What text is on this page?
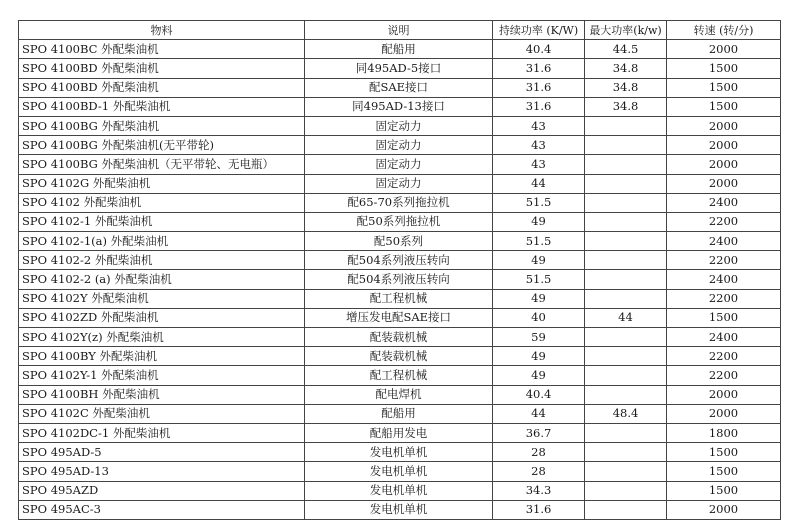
物料	说明	持续功率 (K/W)	最大功率(k/w)	转速 (转/分)
SPO 4100BC 外配柴油机	配船用	40.4	44.5	2000
SPO 4100BD 外配柴油机	同495AD-5接口	31.6	34.8	1500
SPO 4100BD 外配柴油机	配SAE接口	31.6	34.8	1500
SPO 4100BD-1 外配柴油机	同495AD-13接口	31.6	34.8	1500
SPO 4100BG 外配柴油机	固定动力	43		2000
SPO 4100BG 外配柴油机(无平带轮)	固定动力	43		2000
SPO 4100BG 外配柴油机（无平带轮、无电瓶）	固定动力	43		2000
SPO 4102G 外配柴油机	固定动力	44		2000
SPO 4102 外配柴油机	配65-70系列拖拉机	51.5		2400
SPO 4102-1 外配柴油机	配50系列拖拉机	49		2200
SPO 4102-1(a) 外配柴油机	配50系列	51.5		2400
SPO 4102-2 外配柴油机	配504系列液压转向	49		2200
SPO 4102-2 (a) 外配柴油机	配504系列液压转向	51.5		2400
SPO 4102Y 外配柴油机	配工程机械	49		2200
SPO 4102ZD 外配柴油机	增压发电配SAE接口	40	44	1500
SPO 4102Y(z) 外配柴油机	配装载机械	59		2400
SPO 4100BY 外配柴油机	配装载机械	49		2200
SPO 4102Y-1 外配柴油机	配工程机械	49		2200
SPO 4100BH 外配柴油机	配电焊机	40.4		2000
SPO 4102C 外配柴油机	配船用	44	48.4	2000
SPO 4102DC-1 外配柴油机	配船用发电	36.7		1800
SPO 495AD-5	发电机单机	28		1500
SPO 495AD-13	发电机单机	28		1500
SPO 495AZD	发电机单机	34.3		1500
SPO 495AC-3	发电机单机	31.6		2000
